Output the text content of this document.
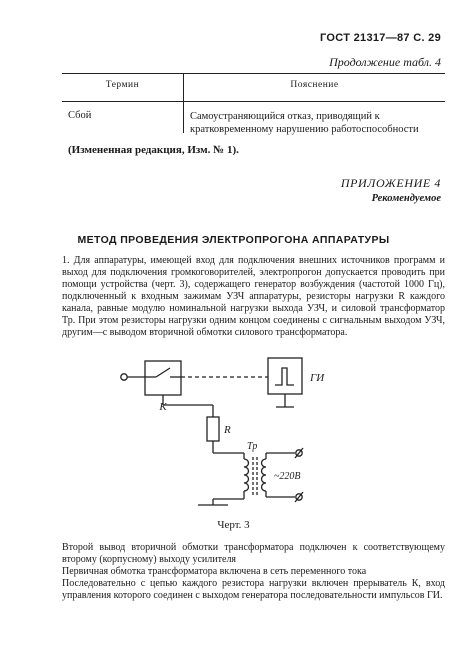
ГОСТ 21317—87 С. 29
Продолжение табл. 4
Термин	Пояснение
Сбой	Самоустраняющийся отказ, приводящий к кратковременному нарушению работоспособности
(Измененная редакция, Изм. № 1).
ПРИЛОЖЕНИЕ 4
Рекомендуемое
МЕТОД ПРОВЕДЕНИЯ ЭЛЕКТРОПРОГОНА АППАРАТУРЫ
1. Для аппаратуры, имеющей вход для подключения внешних источников программ и выход для подключения громкоговорителей, электропрогон допускается проводить при помощи устройства (черт. 3), содержащего генератор возбуждения (частотой 1000 Гц), подключенный к входным зажимам УЗЧ аппаратуры, резисторы нагрузки R каждого канала, равные модулю номинальной нагрузки выхода УЗЧ, и силовой трансформатор Тр. При этом резисторы нагрузки одним концом соединены с сигнальным выходом УЗЧ, другим—с выводом вторичной обмотки силового трансформатора.
К
R
ГИ
Тр
~220В
Черт. 3
Второй вывод вторичной обмотки трансформатора подключен к соответствующему второму (корпусному) выходу усилителя
Первичная обмотка трансформатора включена в сеть переменного тока
Последовательно с цепью каждого резистора нагрузки включен прерыватель К, вход управления которого соединен с выходом генератора последовательности импульсов ГИ.
